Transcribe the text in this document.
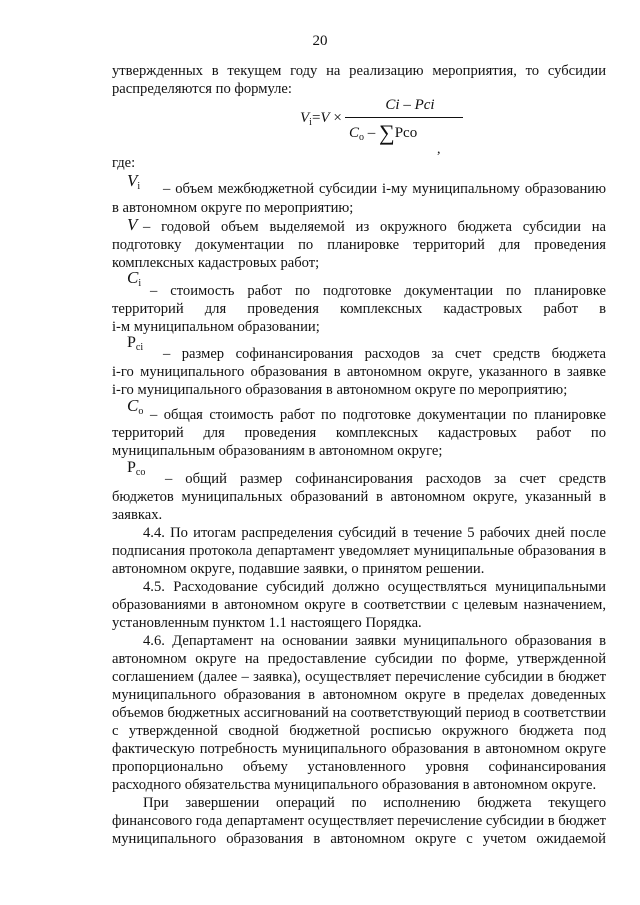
20
утвержденных в текущем году на реализацию мероприятия, то субсидии
распределяются по формуле:
$V_i=V$ ×
Ci – Pci
$C_о - \sum Pco$
,
где:
$V_i$ – объем межбюджетной субсидии i-му муниципальному образованию
в автономном округе по мероприятию;
V – годовой объем выделяемой из окружного бюджета субсидии на
подготовку документации по планировке территорий для проведения
комплексных кадастровых работ;
$C_i$ – стоимость работ по подготовке документации по планировке
территорий для проведения комплексных кадастровых работ в
i-м муниципальном образовании;
$P_{ci}$ – размер софинансирования расходов за счет средств бюджета
i-го муниципального образования в автономном округе, указанного в заявке
i-го муниципального образования в автономном округе по мероприятию;
$C_о$ – общая стоимость работ по подготовке документации по планировке
территорий для проведения комплексных кадастровых работ по
муниципальным образованиям в автономном округе;
$P_{co}$ – общий размер софинансирования расходов за счет средств
бюджетов муниципальных образований в автономном округе, указанный в
заявках.
4.4. По итогам распределения субсидий в течение 5 рабочих дней после
подписания протокола департамент уведомляет муниципальные образования в
автономном округе, подавшие заявки, о принятом решении.
4.5. Расходование субсидий должно осуществляться муниципальными
образованиями в автономном округе в соответствии с целевым назначением,
установленным пунктом 1.1 настоящего Порядка.
4.6. Департамент на основании заявки муниципального образования в
автономном округе на предоставление субсидии по форме, утвержденной
соглашением (далее – заявка), осуществляет перечисление субсидии в бюджет
муниципального образования в автономном округе в пределах доведенных
объемов бюджетных ассигнований на соответствующий период в соответствии
с утвержденной сводной бюджетной росписью окружного бюджета под
фактическую потребность муниципального образования в автономном округе
пропорционально объему установленного уровня софинансирования
расходного обязательства муниципального образования в автономном округе.
При завершении операций по исполнению бюджета текущего
финансового года департамент осуществляет перечисление субсидии в бюджет
муниципального образования в автономном округе с учетом ожидаемой
